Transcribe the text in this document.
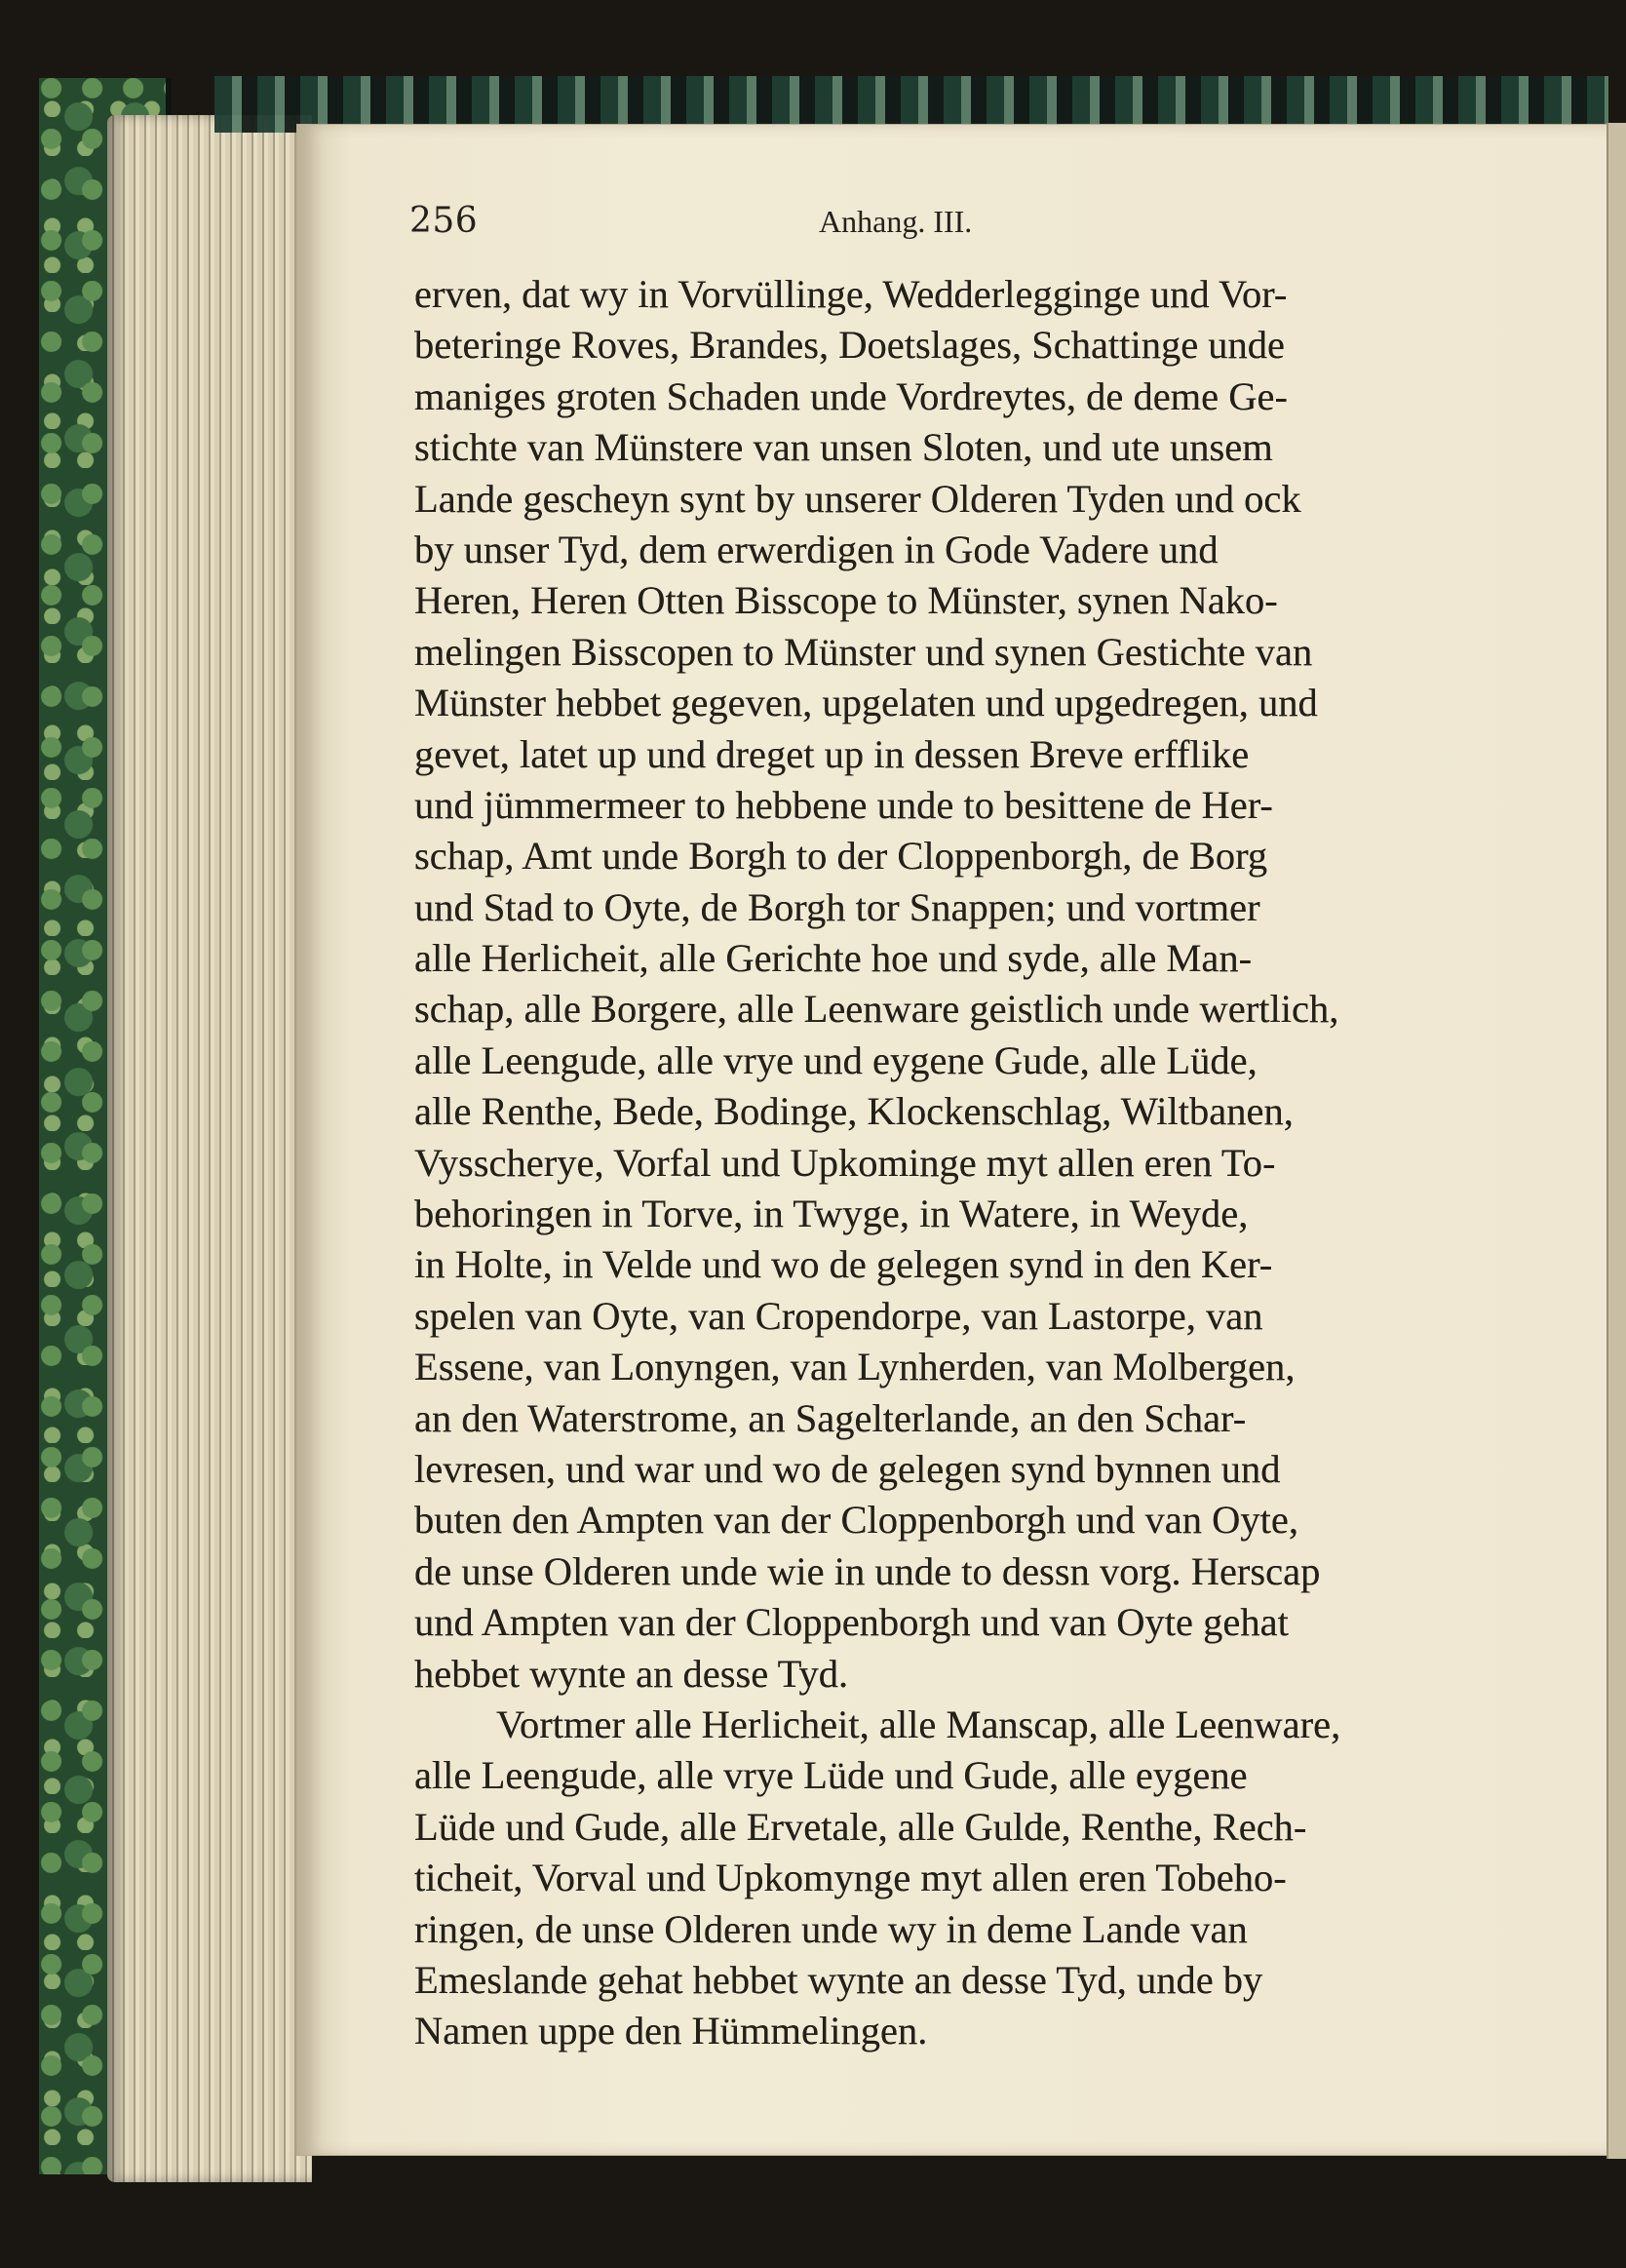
256	Anhang. III.
erven, dat wy in Vorvüllinge, Wedderlegginge und Vor-
beteringe Roves, Brandes, Doetslages, Schattinge unde
maniges groten Schaden unde Vordreytes, de deme Ge-
stichte van Münstere van unsen Sloten, und ute unsem
Lande gescheyn synt by unserer Olderen Tyden und ock
by unser Tyd, dem erwerdigen in Gode Vadere und
Heren, Heren Otten Bisscope to Münster, synen Nako-
melingen Bisscopen to Münster und synen Gestichte van
Münster hebbet gegeven, upgelaten und upgedregen, und
gevet, latet up und dreget up in dessen Breve erfflike
und jümmermeer to hebbene unde to besittene de Her-
schap, Amt unde Borgh to der Cloppenborgh, de Borg
und Stad to Oyte, de Borgh tor Snappen; und vortmer
alle Herlicheit, alle Gerichte hoe und syde, alle Man-
schap, alle Borgere, alle Leenware geistlich unde wertlich,
alle Leengude, alle vrye und eygene Gude, alle Lüde,
alle Renthe, Bede, Bodinge, Klockenschlag, Wiltbanen,
Vysscherye, Vorfal und Upkominge myt allen eren To-
behoringen in Torve, in Twyge, in Watere, in Weyde,
in Holte, in Velde und wo de gelegen synd in den Ker-
spelen van Oyte, van Cropendorpe, van Lastorpe, van
Essene, van Lonyngen, van Lynherden, van Molbergen,
an den Waterstrome, an Sagelterlande, an den Schar-
levresen, und war und wo de gelegen synd bynnen und
buten den Ampten van der Cloppenborgh und van Oyte,
de unse Olderen unde wie in unde to dessn vorg. Herscap
und Ampten van der Cloppenborgh und van Oyte gehat
hebbet wynte an desse Tyd.
Vortmer alle Herlicheit, alle Manscap, alle Leenware,
alle Leengude, alle vrye Lüde und Gude, alle eygene
Lüde und Gude, alle Ervetale, alle Gulde, Renthe, Rech-
ticheit, Vorval und Upkomynge myt allen eren Tobeho-
ringen, de unse Olderen unde wy in deme Lande van
Emeslande gehat hebbet wynte an desse Tyd, unde by
Namen uppe den Hümmelingen.
